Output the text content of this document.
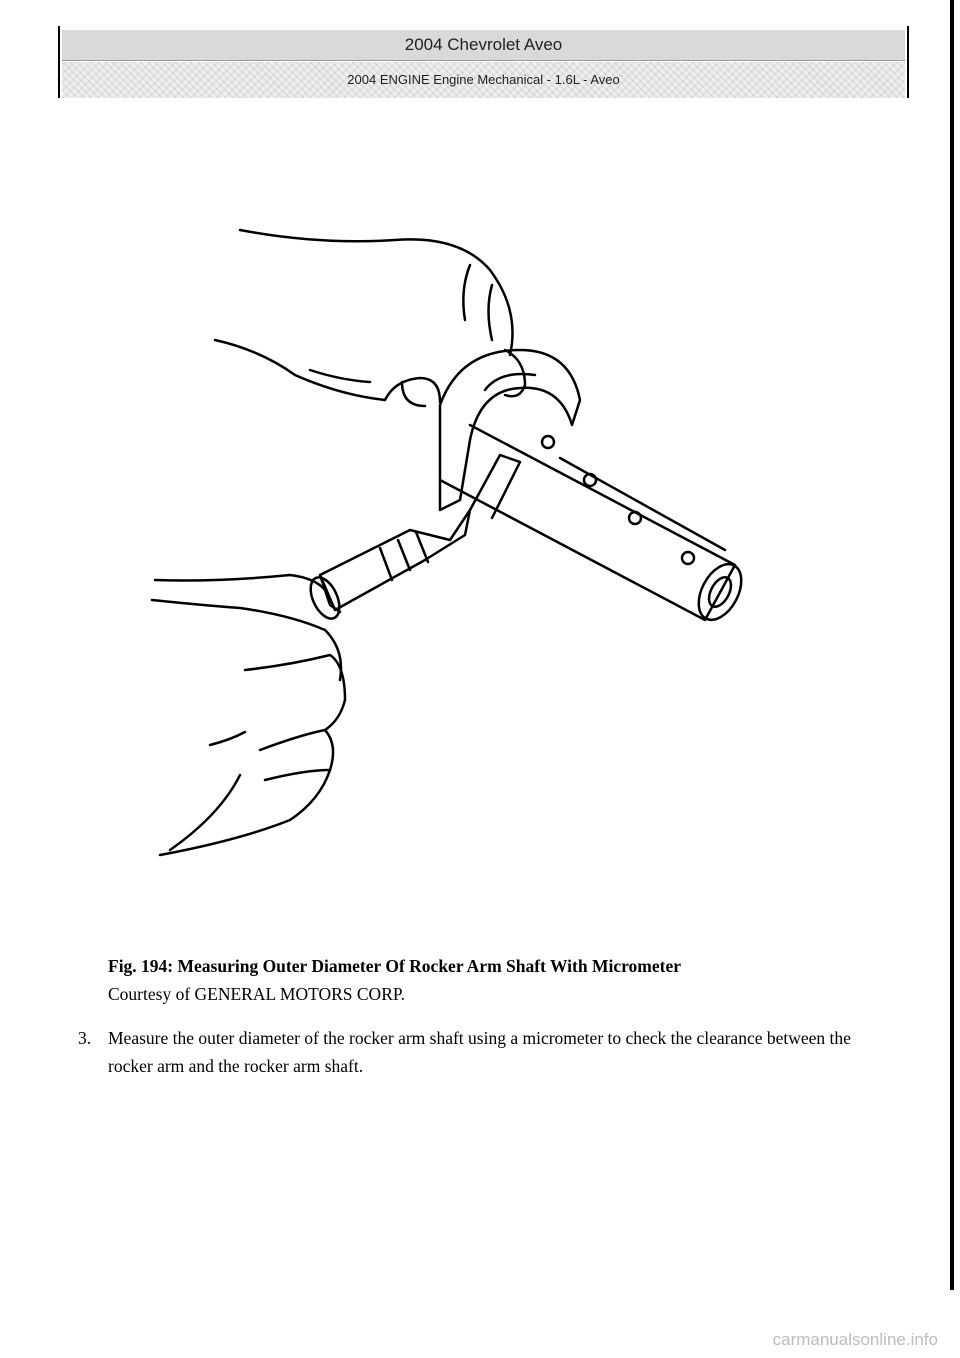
2004 Chevrolet Aveo
2004 ENGINE Engine Mechanical - 1.6L - Aveo
Fig. 194: Measuring Outer Diameter Of Rocker Arm Shaft With Micrometer
Courtesy of GENERAL MOTORS CORP.
3. Measure the outer diameter of the rocker arm shaft using a micrometer to check the clearance between the rocker arm and the rocker arm shaft.
carmanualsonline.info
